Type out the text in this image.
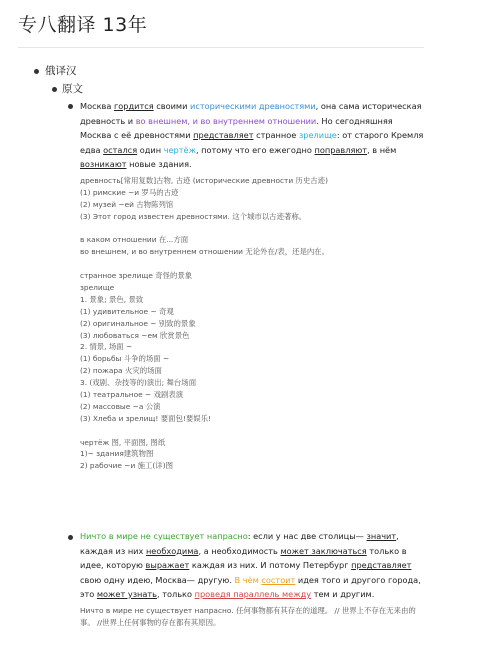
专八翻译 13年
俄译汉
原文
Москва гордится своими историческими древностями, она сама историческая древность и во внешнем, и во внутреннем отношении. Но сегодняшняя Москва с её древностями представляет странное зрелище: от старого Кремля едва остался один чертёж, потому что его ежегодно поправляют, в нём возникают новые здания.
древность[常用复数]古物, 古迹 (исторические древности 历史古迹)
(1) римские ~и 罗马的古迹
(2) музей ~ей 古物陈列馆
(3) Этот город известен древностями. 这个城市以古迹著称。
в каком отношении 在...方面
во внешнем, и во внутреннем отношении 无论外在/表，还是内在。
странное зрелище 奇怪的景象
зрелище
1. 景象; 景色, 景致
(1) удивительное ~ 奇观
(2) оригинальное ~ 别致的景象
(3) любоваться ~ем 欣赏景色
2. 情景, 场面 ~
(1) борьбы 斗争的场面 ~
(2) пожара 火灾的场面
3. (戏剧、杂技等的)演出; 舞台场面
(1) театральное ~ 戏剧表演
(2) массовые ~а 公演
(3) Хлеба и зрелищ! 要面包!要娱乐!
чертёж 图, 平面图, 图纸
1)~ здания建筑物图
2) рабочие ~и 施工(详)图
Ничто в мире не существует напрасно: если у нас две столицы— значит, каждая из них необходима, а необходимость может заключаться только в идее, которую выражает каждая из них. И потому Петербург представляет свою одну идею, Москва— другую. В чём состоит идея того и другого города, это может узнать, только проведя параллель между тем и другим.
Ничто в мире не существует напрасно. 任何事物都有其存在的道理。 // 世界上不存在无来由的事。 //世界上任何事物的存在都有其原因。
